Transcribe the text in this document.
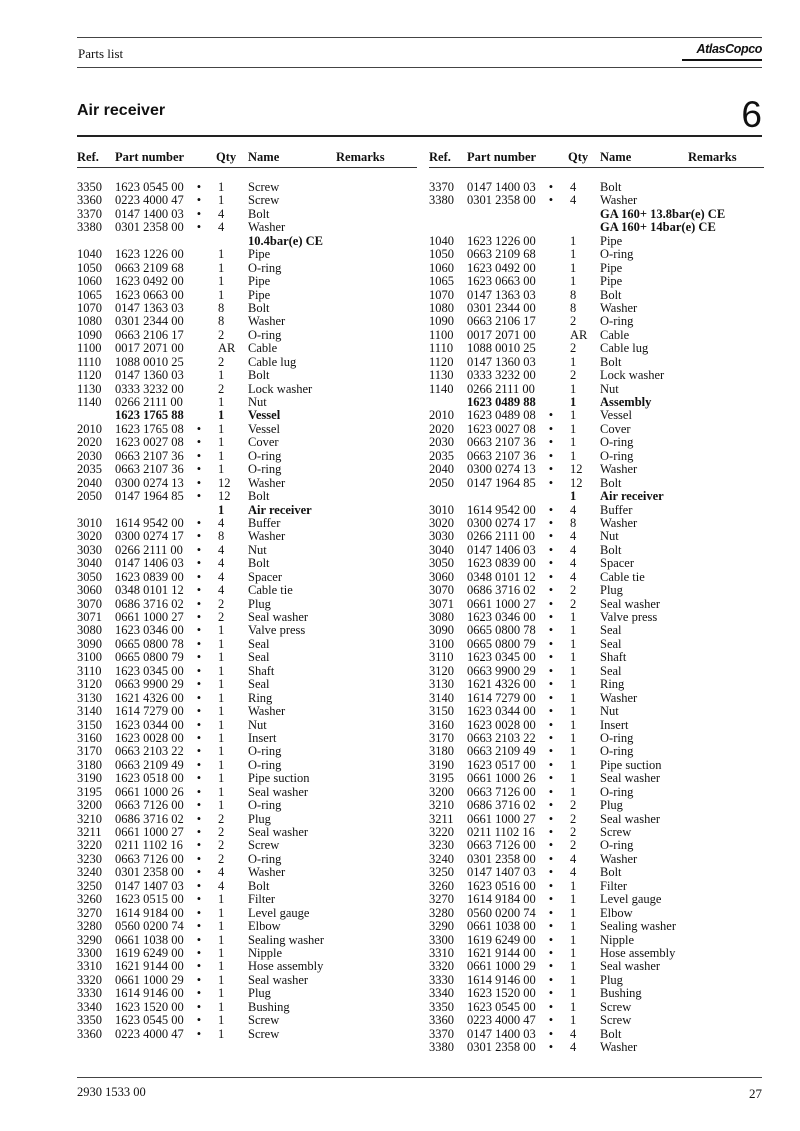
Parts list	AtlasCopco
Air receiver	6
Ref. Part number	Qty Name	Remarks
3350 1623 0545 00 • 1 Screw
3360 0223 4000 47 • 1 Screw
3370 0147 1400 03 • 4 Bolt
3380 0301 2358 00 • 4 Washer
10.4bar(e) CE
1040 1623 1226 00	1 Pipe
1050 0663 2109 68	1 O-ring
1060 1623 0492 00	1 Pipe
1065 1623 0663 00	1 Pipe
1070 0147 1363 03	8 Bolt
1080 0301 2344 00	8 Washer
1090 0663 2106 17	2 O-ring
1100 0017 2071 00	AR Cable
1110 1088 0010 25	2 Cable lug
1120 0147 1360 03	1 Bolt
1130 0333 3232 00	2 Lock washer
1140 0266 2111 00	1 Nut
1623 1765 88	1 Vessel
2010 1623 1765 08 • 1 Vessel
2020 1623 0027 08 • 1 Cover
2030 0663 2107 36 • 1 O-ring
2035 0663 2107 36 • 1 O-ring
2040 0300 0274 13 • 12 Washer
2050 0147 1964 85 • 12 Bolt
1 Air receiver
3010 1614 9542 00 • 4 Buffer
3020 0300 0274 17 • 8 Washer
3030 0266 2111 00 • 4 Nut
3040 0147 1406 03 • 4 Bolt
3050 1623 0839 00 • 4 Spacer
3060 0348 0101 12 • 4 Cable tie
3070 0686 3716 02 • 2 Plug
3071 0661 1000 27 • 2 Seal washer
3080 1623 0346 00 • 1 Valve press
3090 0665 0800 78 • 1 Seal
3100 0665 0800 79 • 1 Seal
3110 1623 0345 00 • 1 Shaft
3120 0663 9900 29 • 1 Seal
3130 1621 4326 00 • 1 Ring
3140 1614 7279 00 • 1 Washer
3150 1623 0344 00 • 1 Nut
3160 1623 0028 00 • 1 Insert
3170 0663 2103 22 • 1 O-ring
3180 0663 2109 49 • 1 O-ring
3190 1623 0518 00 • 1 Pipe suction
3195 0661 1000 26 • 1 Seal washer
3200 0663 7126 00 • 1 O-ring
3210 0686 3716 02 • 2 Plug
3211 0661 1000 27 • 2 Seal washer
3220 0211 1102 16 • 2 Screw
3230 0663 7126 00 • 2 O-ring
3240 0301 2358 00 • 4 Washer
3250 0147 1407 03 • 4 Bolt
3260 1623 0515 00 • 1 Filter
3270 1614 9184 00 • 1 Level gauge
3280 0560 0200 74 • 1 Elbow
3290 0661 1038 00 • 1 Sealing washer
3300 1619 6249 00 • 1 Nipple
3310 1621 9144 00 • 1 Hose assembly
3320 0661 1000 29 • 1 Seal washer
3330 1614 9146 00 • 1 Plug
3340 1623 1520 00 • 1 Bushing
3350 1623 0545 00 • 1 Screw
3360 0223 4000 47 • 1 Screw
Ref. Part number	Qty Name	Remarks
3370 0147 1400 03 • 4 Bolt
3380 0301 2358 00 • 4 Washer
GA 160+ 13.8bar(e) CE
GA 160+ 14bar(e) CE
1040 1623 1226 00	1 Pipe
1050 0663 2109 68	1 O-ring
1060 1623 0492 00	1 Pipe
1065 1623 0663 00	1 Pipe
1070 0147 1363 03	8 Bolt
1080 0301 2344 00	8 Washer
1090 0663 2106 17	2 O-ring
1100 0017 2071 00	AR Cable
1110 1088 0010 25	2 Cable lug
1120 0147 1360 03	1 Bolt
1130 0333 3232 00	2 Lock washer
1140 0266 2111 00	1 Nut
1623 0489 88	1 Assembly
2010 1623 0489 08 • 1 Vessel
2020 1623 0027 08 • 1 Cover
2030 0663 2107 36 • 1 O-ring
2035 0663 2107 36 • 1 O-ring
2040 0300 0274 13 • 12 Washer
2050 0147 1964 85 • 12 Bolt
1 Air receiver
3010 1614 9542 00 • 4 Buffer
3020 0300 0274 17 • 8 Washer
3030 0266 2111 00 • 4 Nut
3040 0147 1406 03 • 4 Bolt
3050 1623 0839 00 • 4 Spacer
3060 0348 0101 12 • 4 Cable tie
3070 0686 3716 02 • 2 Plug
3071 0661 1000 27 • 2 Seal washer
3080 1623 0346 00 • 1 Valve press
3090 0665 0800 78 • 1 Seal
3100 0665 0800 79 • 1 Seal
3110 1623 0345 00 • 1 Shaft
3120 0663 9900 29 • 1 Seal
3130 1621 4326 00 • 1 Ring
3140 1614 7279 00 • 1 Washer
3150 1623 0344 00 • 1 Nut
3160 1623 0028 00 • 1 Insert
3170 0663 2103 22 • 1 O-ring
3180 0663 2109 49 • 1 O-ring
3190 1623 0517 00 • 1 Pipe suction
3195 0661 1000 26 • 1 Seal washer
3200 0663 7126 00 • 1 O-ring
3210 0686 3716 02 • 2 Plug
3211 0661 1000 27 • 2 Seal washer
3220 0211 1102 16 • 2 Screw
3230 0663 7126 00 • 2 O-ring
3240 0301 2358 00 • 4 Washer
3250 0147 1407 03 • 4 Bolt
3260 1623 0516 00 • 1 Filter
3270 1614 9184 00 • 1 Level gauge
3280 0560 0200 74 • 1 Elbow
3290 0661 1038 00 • 1 Sealing washer
3300 1619 6249 00 • 1 Nipple
3310 1621 9144 00 • 1 Hose assembly
3320 0661 1000 29 • 1 Seal washer
3330 1614 9146 00 • 1 Plug
3340 1623 1520 00 • 1 Bushing
3350 1623 0545 00 • 1 Screw
3360 0223 4000 47 • 1 Screw
3370 0147 1400 03 • 4 Bolt
3380 0301 2358 00 • 4 Washer
2930 1533 00	27
